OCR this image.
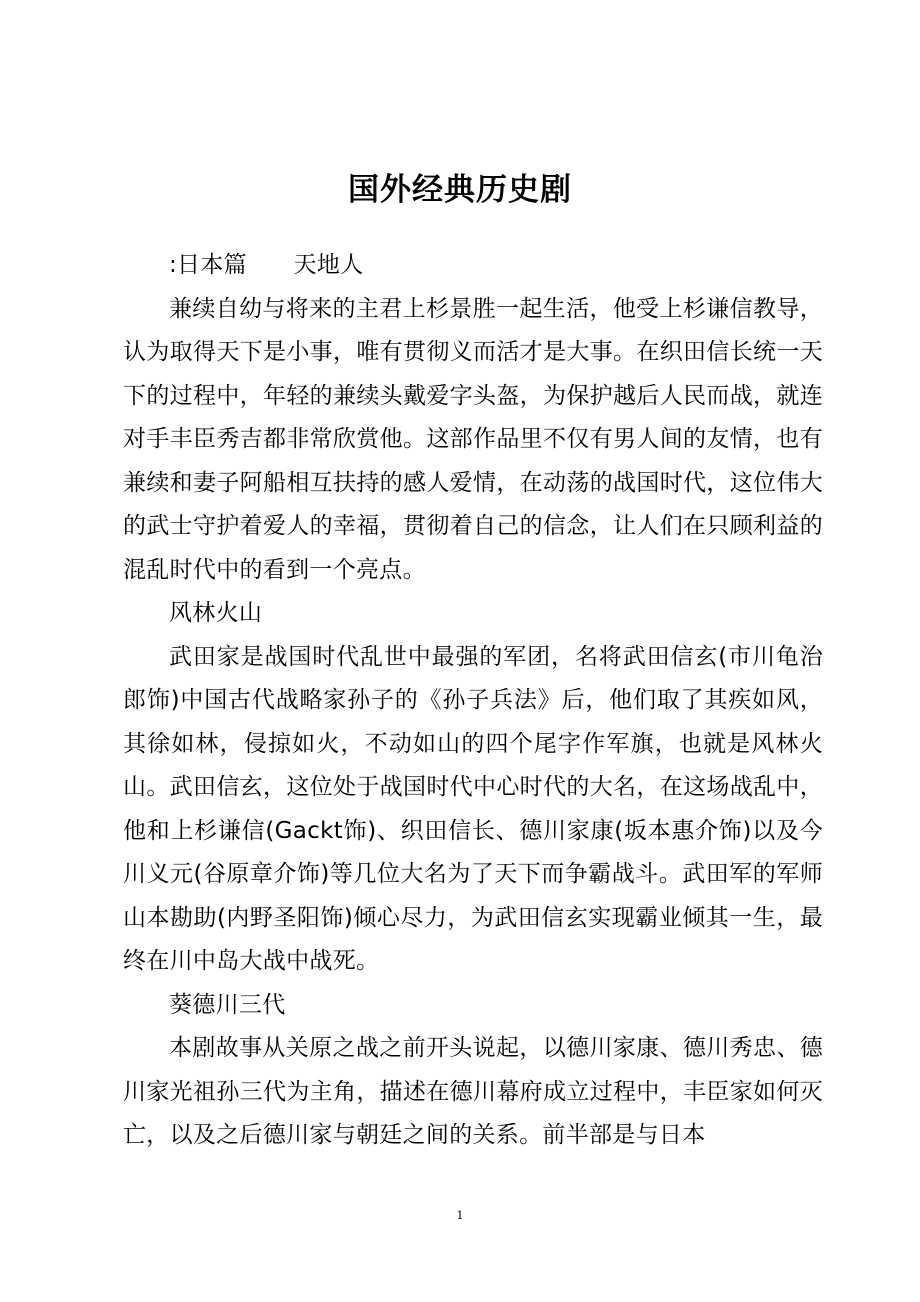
国外经典历史剧

:日本篇　　天地人

兼续自幼与将来的主君上杉景胜一起生活，他受上杉谦信教导，认为取得天下是小事，唯有贯彻义而活才是大事。在织田信长统一天下的过程中，年轻的兼续头戴爱字头盔，为保护越后人民而战，就连对手丰臣秀吉都非常欣赏他。这部作品里不仅有男人间的友情，也有兼续和妻子阿船相互扶持的感人爱情，在动荡的战国时代，这位伟大的武士守护着爱人的幸福，贯彻着自己的信念，让人们在只顾利益的混乱时代中的看到一个亮点。

风林火山

武田家是战国时代乱世中最强的军团，名将武田信玄(市川龟治郎饰)中国古代战略家孙子的《孙子兵法》后，他们取了其疾如风，其徐如林，侵掠如火，不动如山的四个尾字作军旗，也就是风林火山。武田信玄，这位处于战国时代中心时代的大名，在这场战乱中，他和上杉谦信(Gackt饰)、织田信长、德川家康(坂本惠介饰)以及今川义元(谷原章介饰)等几位大名为了天下而争霸战斗。武田军的军师山本勘助(内野圣阳饰)倾心尽力，为武田信玄实现霸业倾其一生，最终在川中岛大战中战死。

葵德川三代

本剧故事从关原之战之前开头说起，以德川家康、德川秀忠、德川家光祖孙三代为主角，描述在德川幕府成立过程中，丰臣家如何灭亡，以及之后德川家与朝廷之间的关系。前半部是与日本

1
